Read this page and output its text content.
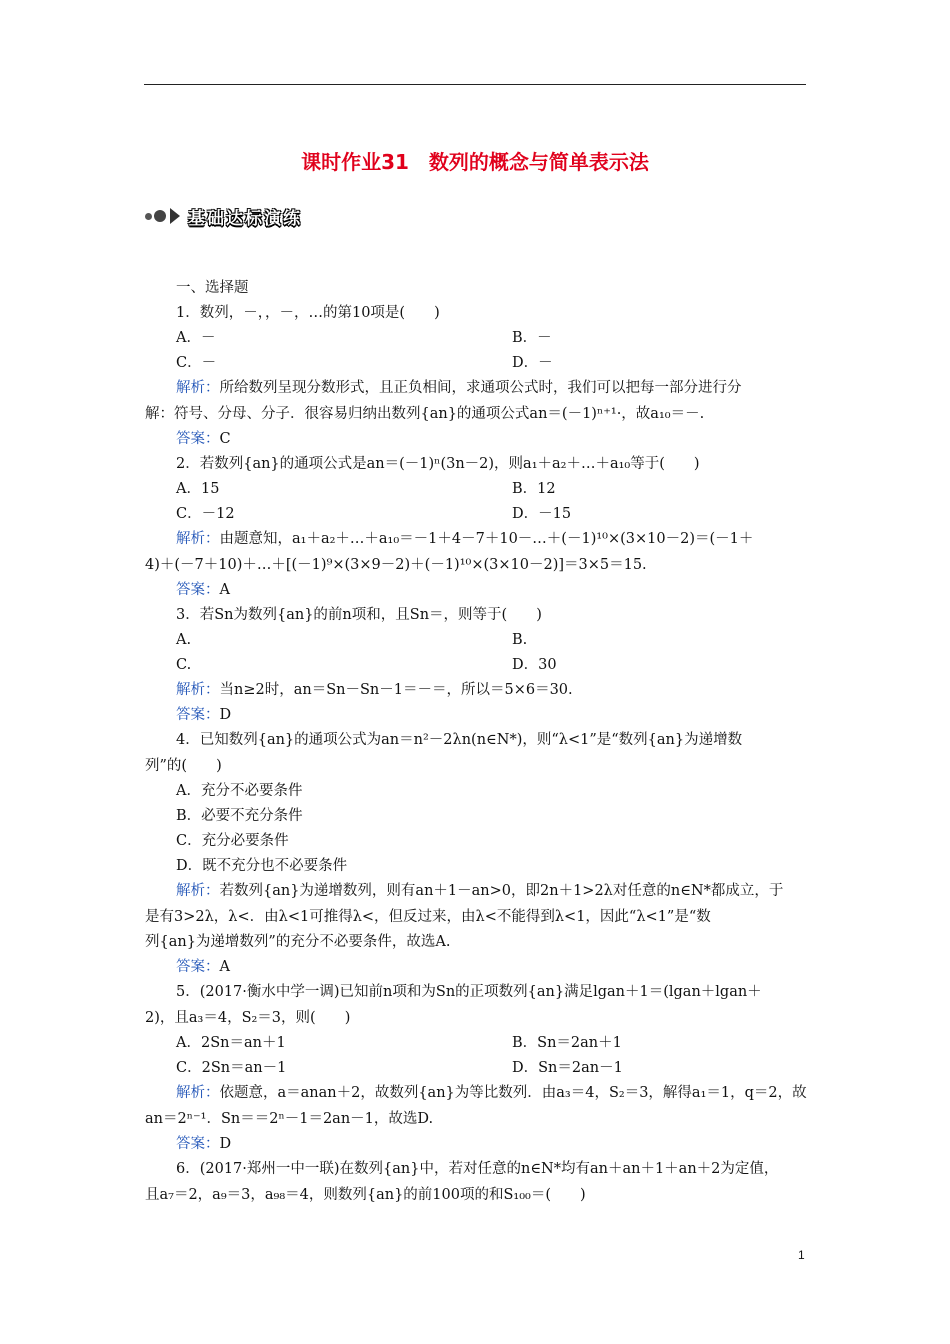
课时作业31　数列的概念与简单表示法
基础达标演练
一、选择题
1．数列，－，，－，…的第10项是(　　)
A．－	B．－
C．－	D．－
解析：所给数列呈现分数形式，且正负相间，求通项公式时，我们可以把每一部分进行分
解：符号、分母、分子．很容易归纳出数列{an}的通项公式an＝(－1)ⁿ⁺¹·，故a₁₀＝－.
答案：C
2．若数列{an}的通项公式是an＝(－1)ⁿ(3n－2)，则a₁＋a₂＋…＋a₁₀等于(　　)
A．15	B．12
C．－12	D．－15
解析：由题意知，a₁＋a₂＋…＋a₁₀＝－1＋4－7＋10－…＋(－1)¹⁰×(3×10－2)＝(－1＋
4)＋(－7＋10)＋…＋[(－1)⁹×(3×9－2)＋(－1)¹⁰×(3×10－2)]＝3×5＝15.
答案：A
3．若Sn为数列{an}的前n项和，且Sn＝，则等于(　　)
A.	B.
C.	D．30
解析：当n≥2时，an＝Sn－Sn－1＝－＝，所以＝5×6＝30.
答案：D
4．已知数列{an}的通项公式为an＝n²－2λn(n∈N*)，则“λ<1”是“数列{an}为递增数
列”的(　　)
A．充分不必要条件
B．必要不充分条件
C．充分必要条件
D．既不充分也不必要条件
解析：若数列{an}为递增数列，则有an＋1－an>0，即2n＋1>2λ对任意的n∈N*都成立，于
是有3>2λ，λ<．由λ<1可推得λ<，但反过来，由λ<不能得到λ<1，因此“λ<1”是“数
列{an}为递增数列”的充分不必要条件，故选A.
答案：A
5．(2017·衡水中学一调)已知前n项和为Sn的正项数列{an}满足lgan＋1＝(lgan＋lgan＋
2)，且a₃＝4，S₂＝3，则(　　)
A．2Sn＝an＋1	B．Sn＝2an＋1
C．2Sn＝an－1	D．Sn＝2an－1
解析：依题意，a＝anan＋2，故数列{an}为等比数列．由a₃＝4，S₂＝3，解得a₁＝1，q＝2，故
an＝2ⁿ⁻¹．Sn＝＝2ⁿ－1＝2an－1，故选D.
答案：D
6．(2017·郑州一中一联)在数列{an}中，若对任意的n∈N*均有an＋an＋1＋an＋2为定值，
且a₇＝2，a₉＝3，a₉₈＝4，则数列{an}的前100项的和S₁₀₀＝(　　)
1
